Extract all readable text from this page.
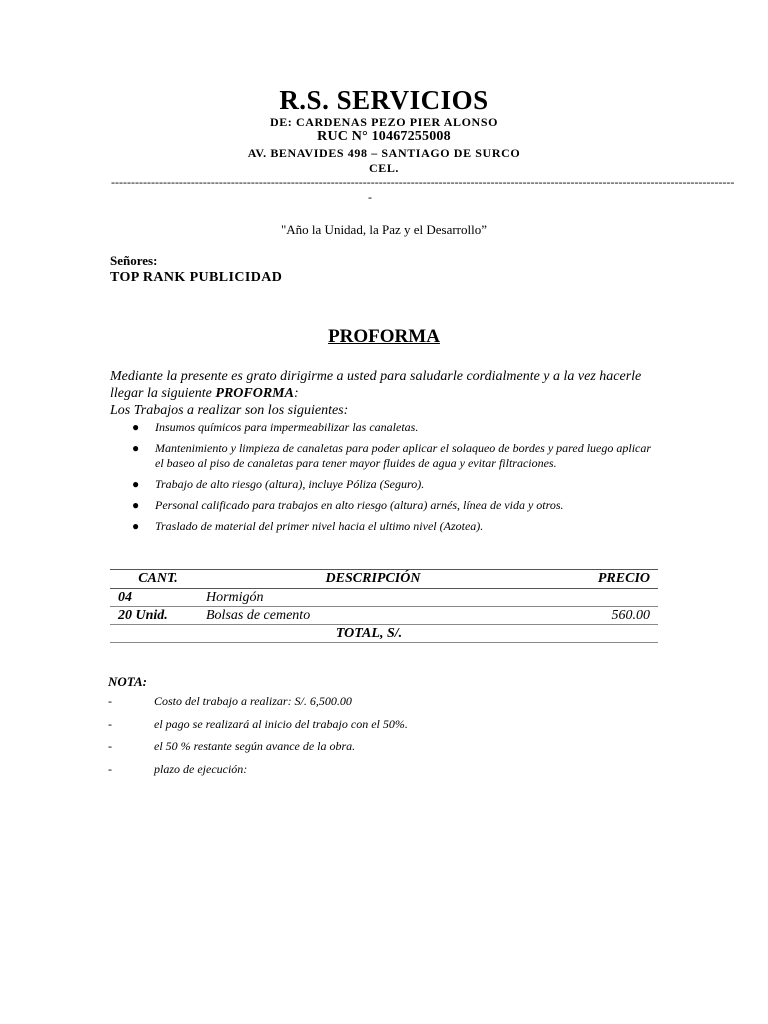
R.S. SERVICIOS
DE: CARDENAS PEZO PIER ALONSO
RUC N° 10467255008
AV. BENAVIDES 498 – SANTIAGO DE SURCO
CEL.
------------------------------------------------------------------------------------------------------------------------------------------------------------
-
"Año la Unidad, la Paz y el Desarrollo”
Señores:
TOP RANK PUBLICIDAD
PROFORMA
Mediante la presente es grato dirigirme a usted para saludarle cordialmente y a la vez hacerle llegar la siguiente PROFORMA:
Los Trabajos a realizar son los siguientes:
● Insumos químicos para impermeabilizar las canaletas.
● Mantenimiento y limpieza de canaletas para poder aplicar el solaqueo de bordes y pared luego aplicar el baseo al piso de canaletas para tener mayor fluides de agua y evitar filtraciones.
● Trabajo de alto riesgo (altura), incluye Póliza (Seguro).
● Personal calificado para trabajos en alto riesgo (altura) arnés, línea de vida y otros.
● Traslado de material del primer nivel hacia el ultimo nivel (Azotea).
CANT.	DESCRIPCIÓN	PRECIO
04	Hormigón	
20 Unid.	Bolsas de cemento	560.00
	TOTAL, S/.	
NOTA:
-	Costo del trabajo a realizar: S/. 6,500.00
-	el pago se realizará al inicio del trabajo con el 50%.
-	el 50 % restante según avance de la obra.
-	plazo de ejecución:
